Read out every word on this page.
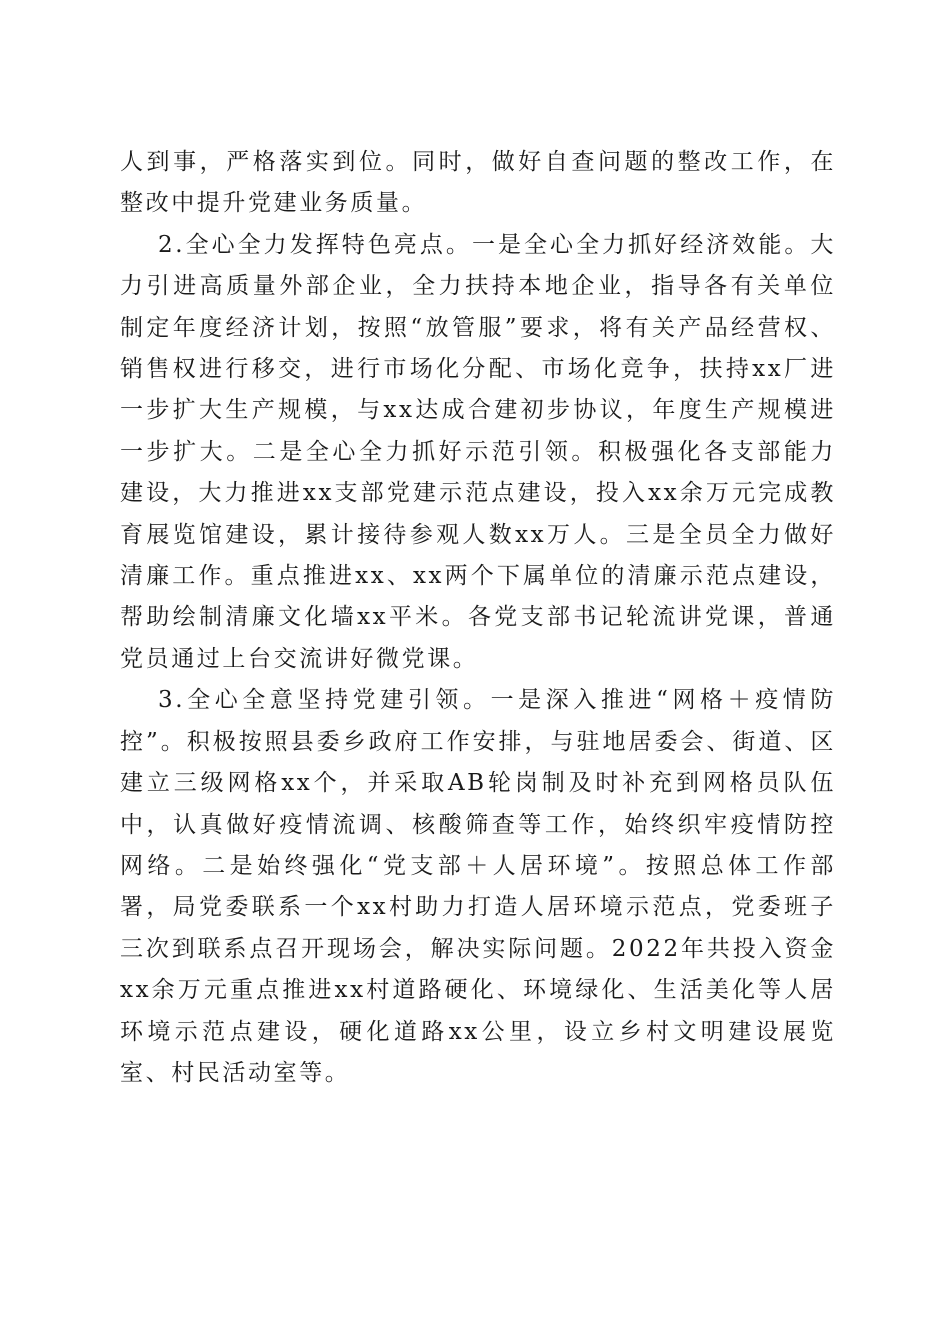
人到事，严格落实到位。同时，做好自查问题的整改工作，在整改中提升党建业务质量。

2.全心全力发挥特色亮点。一是全心全力抓好经济效能。大力引进高质量外部企业，全力扶持本地企业，指导各有关单位制定年度经济计划，按照“放管服”要求，将有关产品经营权、销售权进行移交，进行市场化分配、市场化竞争，扶持xx厂进一步扩大生产规模，与xx达成合建初步协议，年度生产规模进一步扩大。二是全心全力抓好示范引领。积极强化各支部能力建设，大力推进xx支部党建示范点建设，投入xx余万元完成教育展览馆建设，累计接待参观人数xx万人。三是全员全力做好清廉工作。重点推进xx、xx两个下属单位的清廉示范点建设，帮助绘制清廉文化墙xx平米。各党支部书记轮流讲党课，普通党员通过上台交流讲好微党课。

3.全心全意坚持党建引领。一是深入推进“网格＋疫情防控”。积极按照县委乡政府工作安排，与驻地居委会、街道、区建立三级网格xx个，并采取AB轮岗制及时补充到网格员队伍中，认真做好疫情流调、核酸筛查等工作，始终织牢疫情防控网络。二是始终强化“党支部＋人居环境”。按照总体工作部署，局党委联系一个xx村助力打造人居环境示范点，党委班子三次到联系点召开现场会，解决实际问题。2022年共投入资金xx余万元重点推进xx村道路硬化、环境绿化、生活美化等人居环境示范点建设，硬化道路xx公里，设立乡村文明建设展览室、村民活动室等。
